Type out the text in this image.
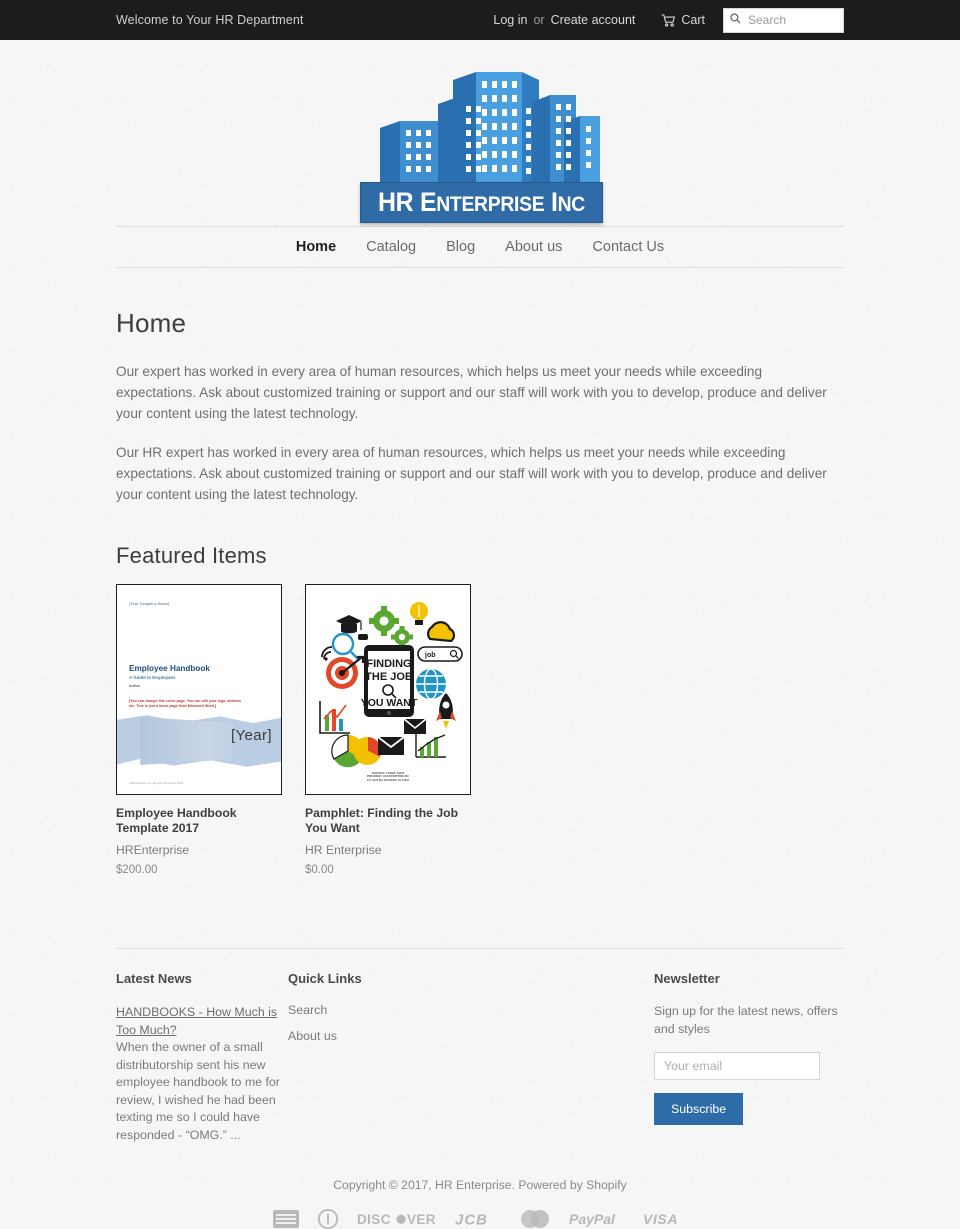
Welcome to Your HR Department	Log in or Create account	Cart
Search
HR ENTERPRISE INC
Home	Catalog	Blog	About us	Contact Us
Home

Our expert has worked in every area of human resources, which helps us meet your needs while exceeding expectations. Ask about customized training or support and our staff will work with you to develop, produce and deliver your content using the latest technology.

Our HR expert has worked in every area of human resources, which helps us meet your needs while exceeding expectations. Ask about customized training or support and our staff will work with you to develop, produce and deliver your content using the latest technology.

Featured Items
[Your Company Name]
Employee Handbook
A Guide to Employees
Author
[You can change this cover page. You can edit your logo, address etc. This is just a mock page from Microsoft Word.]
[Year]
HREnterprise Ltd - All rights Reserved 2016
Employee Handbook Template 2017
HREnterprise
$200.00
FINDING
THE JOB
YOU WANT
job
RAMON M. COMBS, SPHR
PRESIDENT, HR ENTERPRISE INC
P.O. BOX 891 ROANOKE VA 24007
Pamphlet: Finding the Job You Want
HR Enterprise
$0.00
Latest News
HANDBOOKS - How Much is Too Much?
When the owner of a small distributorship sent his new employee handbook to me for review, I wished he had been texting me so I could have responded - “OMG.” ...
Quick Links
Search
About us
Newsletter
Sign up for the latest news, offers and styles
Your email Subscribe
Copyright © 2017, HR Enterprise. Powered by Shopify
DISC VER JCB	PayPal VISA
